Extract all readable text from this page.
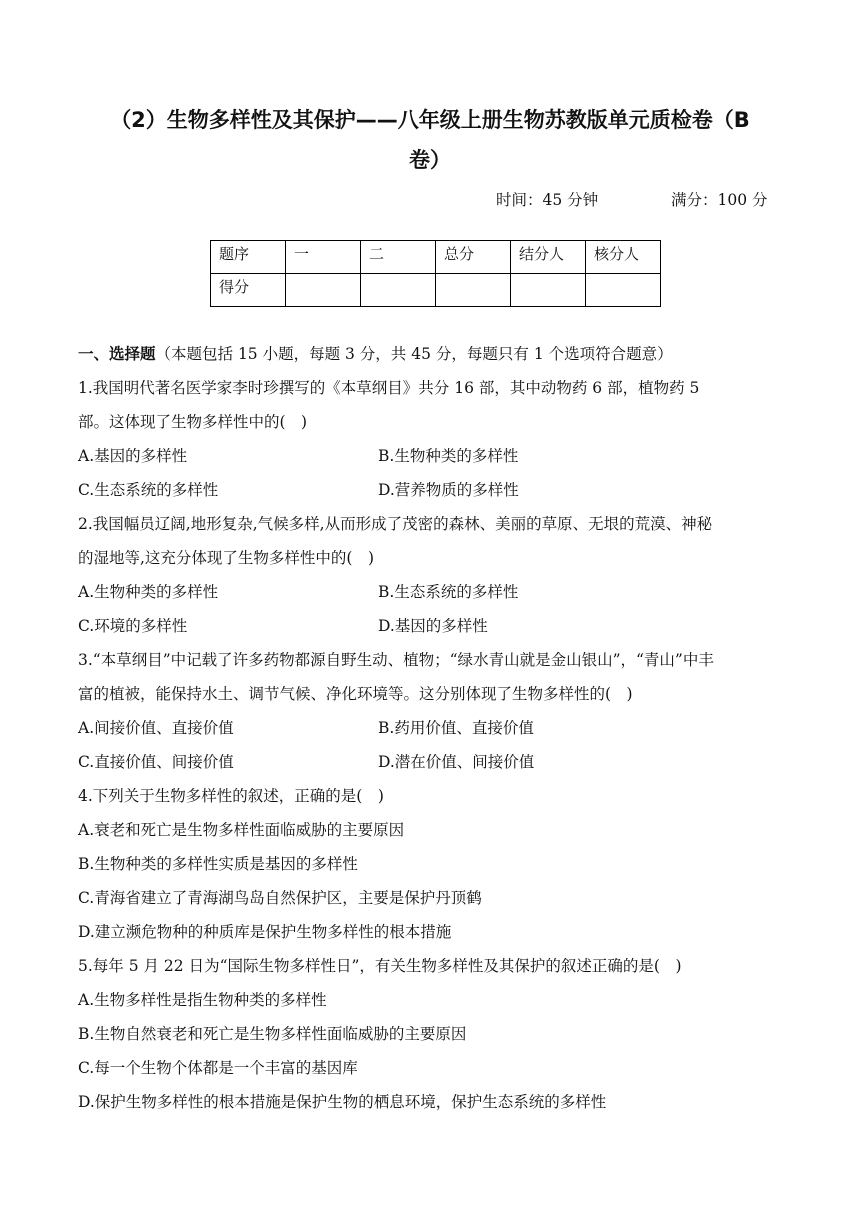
（2）生物多样性及其保护——八年级上册生物苏教版单元质检卷（B
卷）
时间：45 分钟	满分：100 分
题序	一	二	总分	结分人	核分人
得分					
一、选择题（本题包括 15 小题，每题 3 分，共 45 分，每题只有 1 个选项符合题意）
1.我国明代著名医学家李时珍撰写的《本草纲目》共分 16 部，其中动物药 6 部，植物药 5
部。这体现了生物多样性中的(　)
A.基因的多样性	B.生物种类的多样性
C.生态系统的多样性	D.营养物质的多样性
2.我国幅员辽阔,地形复杂,气候多样,从而形成了茂密的森林、美丽的草原、无垠的荒漠、神秘
的湿地等,这充分体现了生物多样性中的(　)
A.生物种类的多样性	B.生态系统的多样性
C.环境的多样性	D.基因的多样性
3.“本草纲目”中记载了许多药物都源自野生动、植物；“绿水青山就是金山银山”，“青山”中丰
富的植被，能保持水土、调节气候、净化环境等。这分别体现了生物多样性的(　)
A.间接价值、直接价值	B.药用价值、直接价值
C.直接价值、间接价值	D.潜在价值、间接价值
4.下列关于生物多样性的叙述，正确的是(　)
A.衰老和死亡是生物多样性面临威胁的主要原因
B.生物种类的多样性实质是基因的多样性
C.青海省建立了青海湖鸟岛自然保护区，主要是保护丹顶鹤
D.建立濒危物种的种质库是保护生物多样性的根本措施
5.每年 5 月 22 日为“国际生物多样性日”，有关生物多样性及其保护的叙述正确的是(　)
A.生物多样性是指生物种类的多样性
B.生物自然衰老和死亡是生物多样性面临威胁的主要原因
C.每一个生物个体都是一个丰富的基因库
D.保护生物多样性的根本措施是保护生物的栖息环境，保护生态系统的多样性
